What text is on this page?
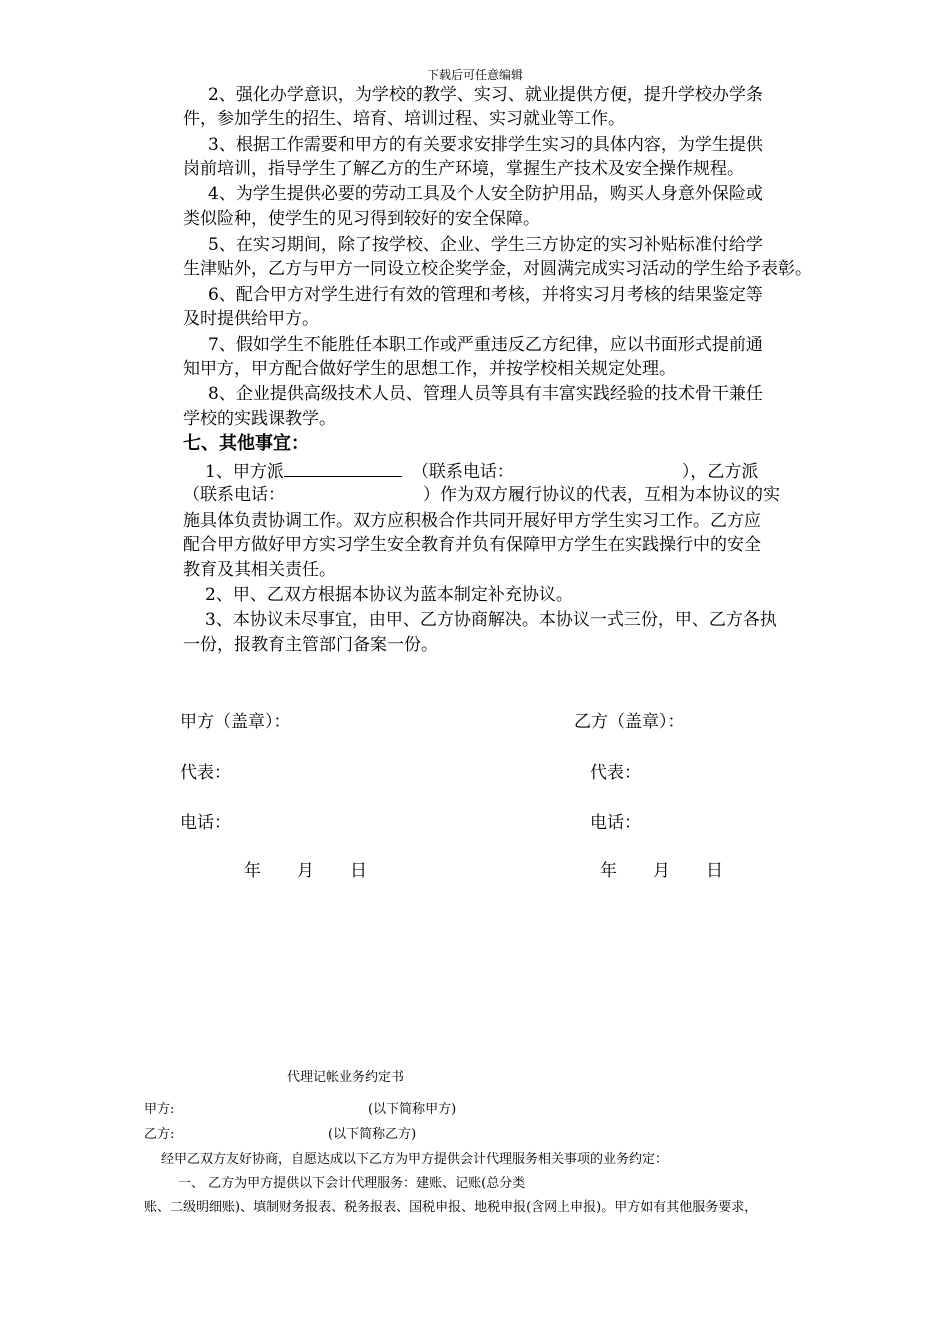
下载后可任意编辑
2、强化办学意识，为学校的教学、实习、就业提供方便，提升学校办学条
件，参加学生的招生、培育、培训过程、实习就业等工作。
3、根据工作需要和甲方的有关要求安排学生实习的具体内容，为学生提供
岗前培训，指导学生了解乙方的生产环境，掌握生产技术及安全操作规程。
4、为学生提供必要的劳动工具及个人安全防护用品，购买人身意外保险或
类似险种，使学生的见习得到较好的安全保障。
5、在实习期间，除了按学校、企业、学生三方协定的实习补贴标准付给学
生津贴外，乙方与甲方一同设立校企奖学金，对圆满完成实习活动的学生给予表彰。
6、配合甲方对学生进行有效的管理和考核，并将实习月考核的结果鉴定等
及时提供给甲方。
7、假如学生不能胜任本职工作或严重违反乙方纪律，应以书面形式提前通
知甲方，甲方配合做好学生的思想工作，并按学校相关规定处理。
8、企业提供高级技术人员、管理人员等具有丰富实践经验的技术骨干兼任
学校的实践课教学。
七、其他事宜：
1、甲方派	（联系电话：	），乙方派
（联系电话：	）作为双方履行协议的代表，互相为本协议的实
施具体负责协调工作。双方应积极合作共同开展好甲方学生实习工作。乙方应
配合甲方做好甲方实习学生安全教育并负有保障甲方学生在实践操行中的安全
教育及其相关责任。
2、甲、乙双方根据本协议为蓝本制定补充协议。
3、本协议未尽事宜，由甲、乙方协商解决。本协议一式三份，甲、乙方各执
一份，报教育主管部门备案一份。
甲方（盖章）：	乙方（盖章）：
代表：	代表：
电话：	电话：
年 月 日	年 月 日
代理记帐业务约定书
甲方:	(以下简称甲方)
乙方:	(以下简称乙方)
经甲乙双方友好协商，自愿达成以下乙方为甲方提供会计代理服务相关事项的业务约定：
一、 乙方为甲方提供以下会计代理服务：建账、记账(总分类
账、二级明细账)、填制财务报表、税务报表、国税申报、地税申报(含网上申报)。甲方如有其他服务要求，
